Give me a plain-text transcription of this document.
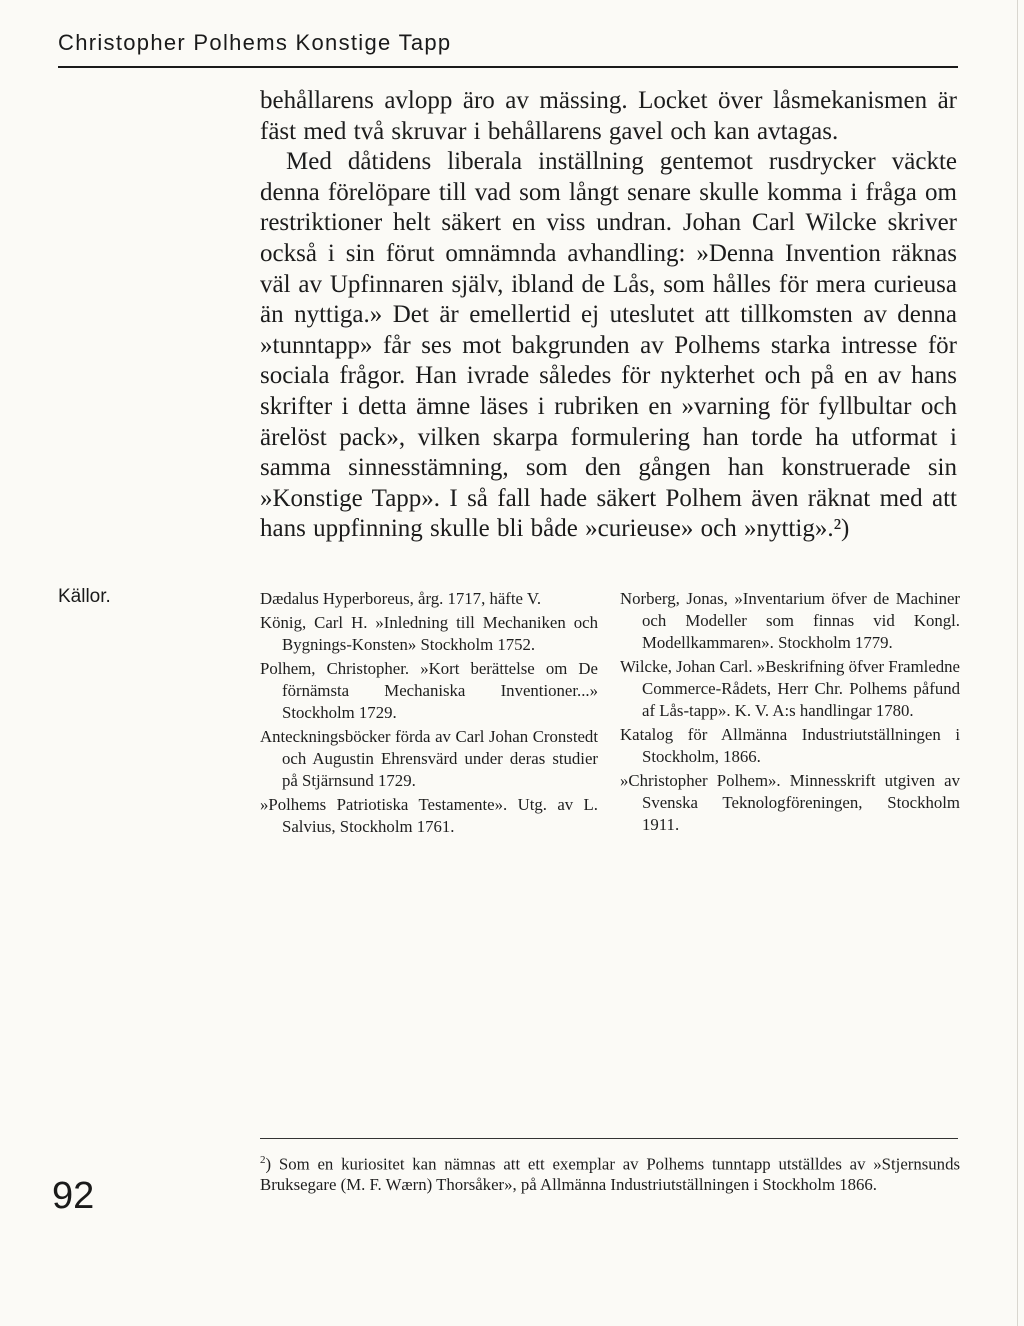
Christopher Polhems Konstige Tapp

behållarens avlopp äro av mässing. Locket över låsmekanismen är fäst med två skruvar i behållarens gavel och kan avtagas.

Med dåtidens liberala inställning gentemot rusdrycker väckte denna förelöpare till vad som långt senare skulle komma i fråga om restriktioner helt säkert en viss undran. Johan Carl Wilcke skriver också i sin förut omnämnda avhandling: »Denna Invention räknas väl av Upfinnaren själv, ibland de Lås, som hålles för mera curieusa än nyttiga.» Det är emellertid ej uteslutet att tillkomsten av denna »tunntapp» får ses mot bakgrunden av Polhems starka intresse för sociala frågor. Han ivrade således för nykterhet och på en av hans skrifter i detta ämne läses i rubriken en »varning för fyllbultar och ärelöst pack», vilken skarpa formulering han torde ha utformat i samma sinnesstämning, som den gången han konstruerade sin »Konstige Tapp». I så fall hade säkert Polhem även räknat med att hans uppfinning skulle bli både »curieuse» och »nyttig».²)

Källor.	Dædalus Hyperboreus, årg. 1717, häfte V.

König, Carl H. »Inledning till Mechaniken och Bygnings-Konsten» Stockholm 1752.

Polhem, Christopher. »Kort berättelse om De förnämsta Mechaniska Inventioner...» Stockholm 1729.

Anteckningsböcker förda av Carl Johan Cronstedt och Augustin Ehrensvärd under deras studier på Stjärnsund 1729.

»Polhems Patriotiska Testamente». Utg. av L. Salvius, Stockholm 1761.

Norberg, Jonas, »Inventarium öfver de Machiner och Modeller som finnas vid Kongl. Modellkammaren». Stockholm 1779.

Wilcke, Johan Carl. »Beskrifning öfver Framledne Commerce-Rådets, Herr Chr. Polhems påfund af Lås-tapp». K. V. A:s handlingar 1780.

Katalog för Allmänna Industriutställningen i Stockholm, 1866.

»Christopher Polhem». Minnesskrift utgiven av Svenska Teknologföreningen, Stockholm 1911.

92
$^2$) Som en kuriositet kan nämnas att ett exemplar av Polhems tunntapp utställdes av »Stjernsunds Bruksegare (M. F. Wærn) Thorsåker», på Allmänna Industriutställningen i Stockholm 1866.
